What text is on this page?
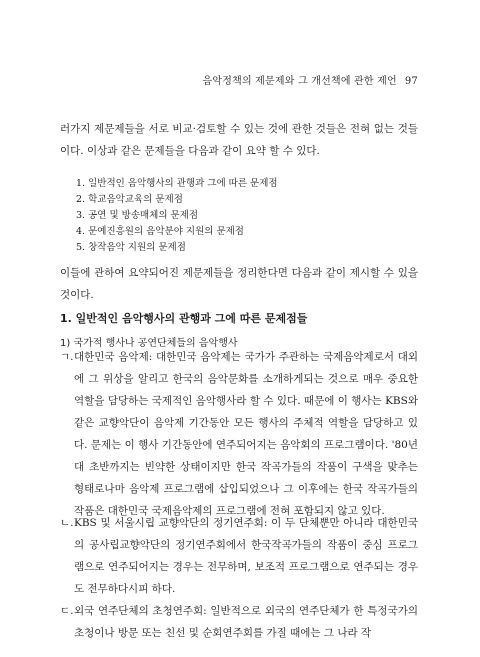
음악정책의 제문제와 그 개선책에 관한 제언 97

러가지 제문제들을 서로 비교·검토할 수 있는 것에 관한 것들은 전혀 없는 것들이다. 이상과 같은 문제들을 다음과 같이 요약 할 수 있다.

1. 일반적인 음악행사의 관행과 그에 따른 문제점
2. 학교음악교육의 문제점
3. 공연 및 방송매체의 문제점
4. 문예진흥원의 음악분야 지원의 문제점
5. 창작음악 지원의 문제점

이들에 관하여 요약되어진 제문제들을 정리한다면 다음과 같이 제시할 수 있을 것이다.

1. 일반적인 음악행사의 관행과 그에 따른 문제점들

1) 국가적 행사나 공연단체들의 음악행사

ㄱ.대한민국 음악제: 대한민국 음악제는 국가가 주관하는 국제음악제로서 대외에 그 위상을 알리고 한국의 음악문화를 소개하게되는 것으로 매우 중요한 역할을 담당하는 국제적인 음악행사라 할 수 있다. 때문에 이 행사는 KBS와 같은 교향악단이 음악제 기간동안 모든 행사의 주체적 역할을 담당하고 있다. 문제는 이 행사 기간동안에 연주되어지는 음악회의 프로그램이다. '80년대 초반까지는 빈약한 상태이지만 한국 작곡가들의 작품이 구색을 맞추는 형태로나마 음악제 프로그램에 삽입되었으나 그 이후에는 한국 작곡가들의 작품은 대한민국 국제음악제의 프로그램에 전혀 포함되지 않고 있다.

ㄴ.KBS 및 서울시립 교향악단의 정기연주회: 이 두 단체뿐만 아니라 대한민국의 공사립교향악단의 정기연주회에서 한국작곡가들의 작품이 중심 프로그램으로 연주되어지는 경우는 전무하며, 보조적 프로그램으로 연주되는 경우도 전무하다시피 하다.

ㄷ.외국 연주단체의 초청연주회: 일반적으로 외국의 연주단체가 한 특정국가의 초청이나 방문 또는 친선 및 순회연주회를 가질 때에는 그 나라 작
